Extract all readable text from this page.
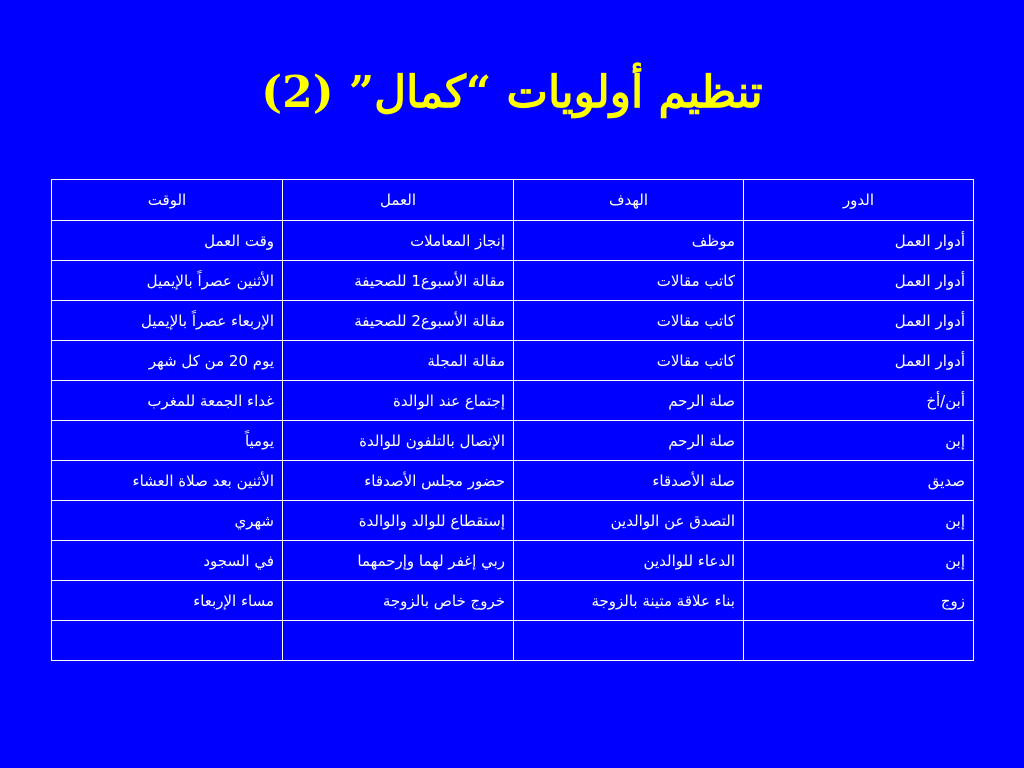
تنظيم أولويات “كمال” (2)
الدور	الهدف	العمل	الوقت
أدوار العمل	موظف	إنجاز المعاملات	وقت العمل
أدوار العمل	كاتب مقالات	مقالة الأسبوع1 للصحيفة	الأثنين عصراً بالإيميل
أدوار العمل	كاتب مقالات	مقالة الأسبوع2 للصحيفة	الإربعاء عصراً بالإيميل
أدوار العمل	كاتب مقالات	مقالة المجلة	يوم 20 من كل شهر
أبن/أخ	صلة الرحم	إجتماع عند الوالدة	غداء الجمعة للمغرب
إبن	صلة الرحم	الإتصال بالتلفون للوالدة	يومياً
صديق	صلة الأصدقاء	حضور مجلس الأصدقاء	الأثنين بعد صلاة العشاء
إبن	التصدق عن الوالدين	إستقطاع للوالد والوالدة	شهري
إبن	الدعاء للوالدين	ربي إغفر لهما وإرحمهما	في السجود
زوج	بناء علاقة متينة بالزوجة	خروج خاص بالزوجة	مساء الإربعاء
